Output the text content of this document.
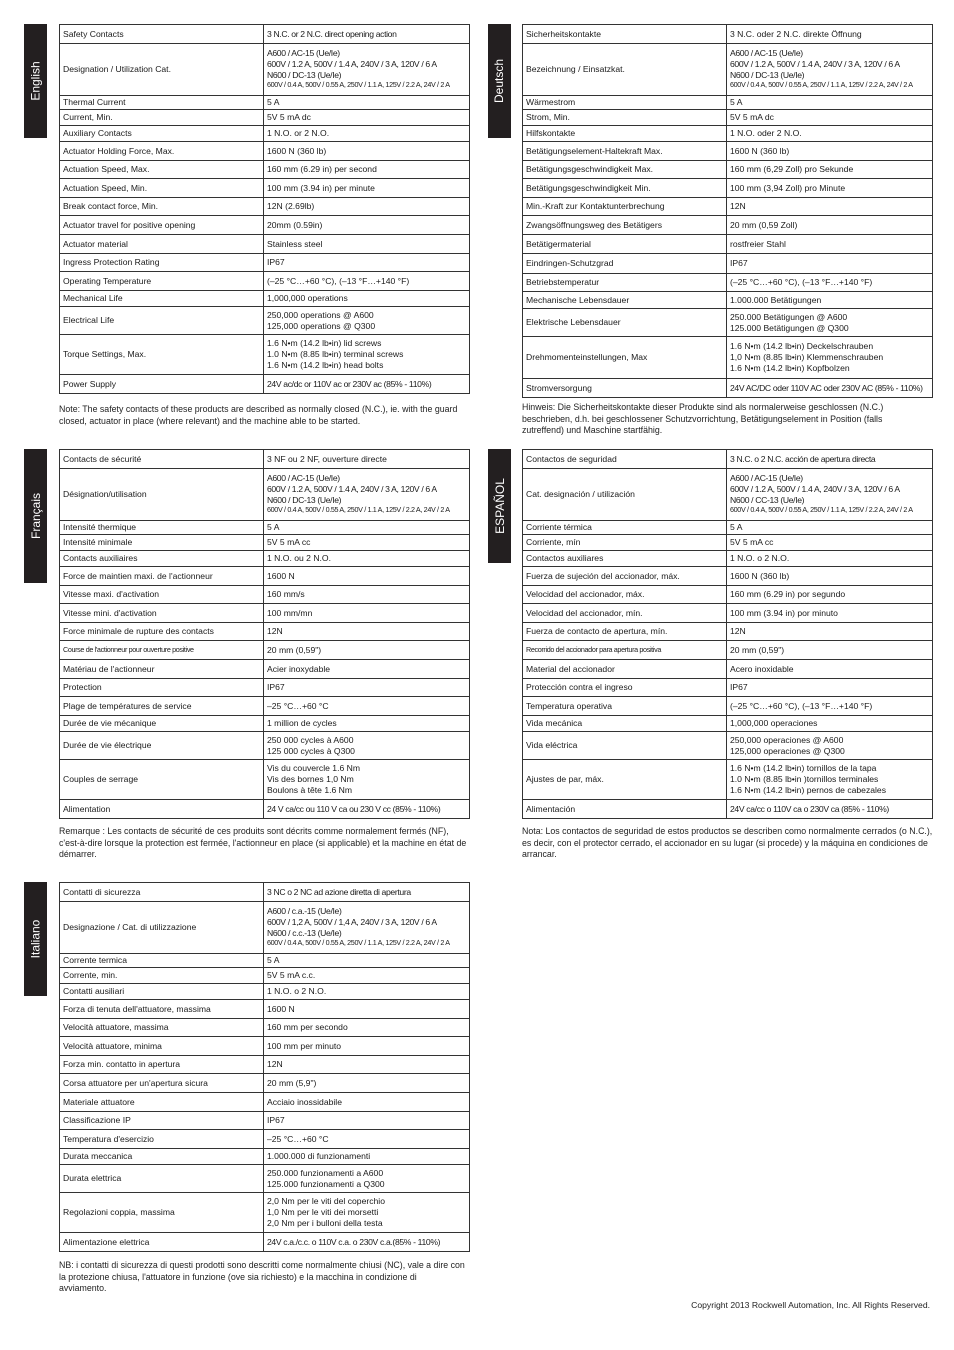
English
Safety Contacts	3 N.C. or 2 N.C. direct opening action

Designation / Utilization Cat.	A600 / AC-15 (Ue/Ie)
600V / 1.2 A, 500V / 1.4 A, 240V / 3 A, 120V / 6 A
N600 / DC-13 (Ue/Ie)
600V / 0.4 A, 500V / 0.55 A, 250V / 1.1 A, 125V / 2.2 A, 24V / 2 A

Thermal Current	5 A

Current, Min.	5V 5 mA dc

Auxiliary Contacts	1 N.O. or 2 N.O.

Actuator Holding Force, Max.	1600 N (360 lb)

Actuation Speed, Max.	160 mm (6.29 in) per second

Actuation Speed, Min.	100 mm (3.94 in) per minute

Break contact force, Min.	12N (2.69lb)

Actuator travel for positive opening	20mm (0.59in)

Actuator material	Stainless steel

Ingress Protection Rating	IP67

Operating Temperature	(–25 °C…+60 °C), (–13 °F…+140 °F)

Mechanical Life	1,000,000 operations

Electrical Life	250,000 operations @ A600
125,000 operations @ Q300

Torque Settings, Max.	1.6 N•m (14.2 lb•in) lid screws
1.0 N•m (8.85 lb•in) terminal screws
1.6 N•m (14.2 lb•in) head bolts

Power Supply	24V ac/dc or 110V ac or 230V ac (85% - 110%)
Note: The safety contacts of these products are described as normally closed (N.C.), ie. with the guard closed, actuator in place (where relevant) and the machine able to be started.
Deutsch
Sicherheitskontakte	3 N.C. oder 2 N.C. direkte Öffnung

Bezeichnung / Einsatzkat.	A600 / AC-15 (Ue/Ie)
600V / 1.2 A, 500V / 1.4 A, 240V / 3 A, 120V / 6 A
N600 / DC-13 (Ue/Ie)
600V / 0.4 A, 500V / 0.55 A, 250V / 1.1 A, 125V / 2.2 A, 24V / 2 A

Wärmestrom	5 A

Strom, Min.	5V 5 mA dc

Hilfskontakte	1 N.O. oder 2 N.O.

Betätigungselement-Haltekraft Max.	1600 N (360 lb)

Betätigungsgeschwindigkeit Max.	160 mm (6,29 Zoll) pro Sekunde

Betätigungsgeschwindigkeit Min.	100 mm (3,94 Zoll) pro Minute

Min.-Kraft zur Kontaktunterbrechung	12N

Zwangsöffnungsweg des Betätigers	20 mm (0,59 Zoll)

Betätigermaterial	rostfreier Stahl

Eindringen-Schutzgrad	IP67

Betriebstemperatur	(–25 °C…+60 °C), (–13 °F…+140 °F)

Mechanische Lebensdauer	1.000.000 Betätigungen

Elektrische Lebensdauer	250.000 Betätigungen @ A600
125.000 Betätigungen @ Q300

Drehmomenteinstellungen, Max	1.6 N•m (14.2 lb•in) Deckelschrauben
1,0 N•m (8.85 lb•in) Klemmenschrauben
1.6 N•m (14.2 lb•in) Kopfbolzen

Stromversorgung	24V AC/DC oder 110V AC oder 230V AC (85% - 110%)
Hinweis: Die Sicherheitskontakte dieser Produkte sind als normalerweise geschlossen (N.C.) beschrieben, d.h. bei geschlossener Schutzvorrichtung, Betätigungselement in Position (falls zutreffend) und Maschine startfähig.
Français
Contacts de sécurité	3 NF ou 2 NF, ouverture directe

Désignation/utilisation	A600 / AC-15 (Ue/Ie)
600V / 1.2 A, 500V / 1.4 A, 240V / 3 A, 120V / 6 A
N600 / DC-13 (Ue/Ie)
600V / 0.4 A, 500V / 0.55 A, 250V / 1.1 A, 125V / 2.2 A, 24V / 2 A

Intensité thermique	5 A

Intensité minimale	5V 5 mA cc

Contacts auxiliaires	1 N.O. ou 2 N.O.

Force de maintien maxi. de l'actionneur	1600 N

Vitesse maxi. d'activation	160 mm/s

Vitesse mini. d'activation	100 mm/mn

Force minimale de rupture des contacts	12N

Course de l'actionneur pour ouverture positive	20 mm (0,59")

Matériau de l'actionneur	Acier inoxydable

Protection	IP67

Plage de températures de service	–25 °C…+60 °C

Durée de vie mécanique	1 million de cycles

Durée de vie électrique	250 000 cycles à A600
125 000 cycles à Q300

Couples de serrage	Vis du couvercle 1.6 Nm
Vis des bornes 1,0 Nm
Boulons à tête 1.6 Nm

Alimentation	24 V ca/cc ou 110 V ca ou 230 V cc (85% - 110%)
Remarque : Les contacts de sécurité de ces produits sont décrits comme normalement fermés (NF), c'est-à-dire lorsque la protection est fermée, l'actionneur en place (si applicable) et la machine en état de démarrer.
ESPAÑOL
Contactos de seguridad	3 N.C. o 2 N.C. acción de apertura directa

Cat. designación / utilización	A600 / AC-15 (Ue/Ie)
600V / 1.2 A, 500V / 1.4 A, 240V / 3 A, 120V / 6 A
N600 / CC-13 (Ue/Ie)
600V / 0.4 A, 500V / 0.55 A, 250V / 1.1 A, 125V / 2.2 A, 24V / 2 A

Corriente térmica	5 A

Corriente, mín	5V 5 mA cc

Contactos auxiliares	1 N.O. o 2 N.O.

Fuerza de sujeción del accionador, máx.	1600 N (360 lb)

Velocidad del accionador, máx.	160 mm (6.29 in) por segundo

Velocidad del accionador, mín.	100 mm (3.94 in) por minuto

Fuerza de contacto de apertura, mín.	12N

Recorrido del accionador para apertura positiva	20 mm (0,59")

Material del accionador	Acero inoxidable

Protección contra el ingreso	IP67

Temperatura operativa	(–25 °C…+60 °C), (–13 °F…+140 °F)

Vida mecánica	1,000,000 operaciones

Vida eléctrica	250,000 operaciones @ A600
125,000 operaciones @ Q300

Ajustes de par, máx.	1.6 N•m (14.2 lb•in) tornillos de la tapa
1.0 N•m (8.85 lb•in )tornillos terminales
1.6 N•m (14.2 lb•in) pernos de cabezales

Alimentación	24V ca/cc o 110V ca o 230V ca (85% - 110%)
Nota: Los contactos de seguridad de estos productos se describen como normalmente cerrados (o N.C.), es decir, con el protector cerrado, el accionador en su lugar (si procede) y la máquina en condiciones de arrancar.
Italiano
Contatti di sicurezza	3 NC o 2 NC ad azione diretta di apertura

Designazione / Cat. di utilizzazione	A600 / c.a.-15 (Ue/Ie)
600V / 1,2 A, 500V / 1,4 A, 240V / 3 A, 120V / 6 A
N600 / c.c.-13 (Ue/Ie)
600V / 0.4 A, 500V / 0.55 A, 250V / 1.1 A, 125V / 2.2 A, 24V / 2 A

Corrente termica	5 A

Corrente, min.	5V 5 mA c.c.

Contatti ausiliari	1 N.O. o 2 N.O.

Forza di tenuta dell'attuatore, massima	1600 N

Velocità attuatore, massima	160 mm per secondo

Velocità attuatore, minima	100 mm per minuto

Forza min. contatto in apertura	12N

Corsa attuatore per un'apertura sicura	20 mm (5,9")

Materiale attuatore	Acciaio inossidabile

Classificazione IP	IP67

Temperatura d'esercizio	–25 °C…+60 °C

Durata meccanica	1.000.000 di funzionamenti

Durata elettrica	250.000 funzionamenti a A600
125.000 funzionamenti a Q300

Regolazioni coppia, massima	2,0 Nm per le viti del coperchio
1,0 Nm per le viti dei morsetti
2,0 Nm per i bulloni della testa

Alimentazione elettrica	24V c.a./c.c. o 110V c.a. o 230V c.a.(85% - 110%)
NB: i contatti di sicurezza di questi prodotti sono descritti come normalmente chiusi (NC), vale a dire con la protezione chiusa, l'attuatore in funzione (ove sia richiesto) e la macchina in condizione di avviamento.
Copyright 2013 Rockwell Automation, Inc. All Rights Reserved.
